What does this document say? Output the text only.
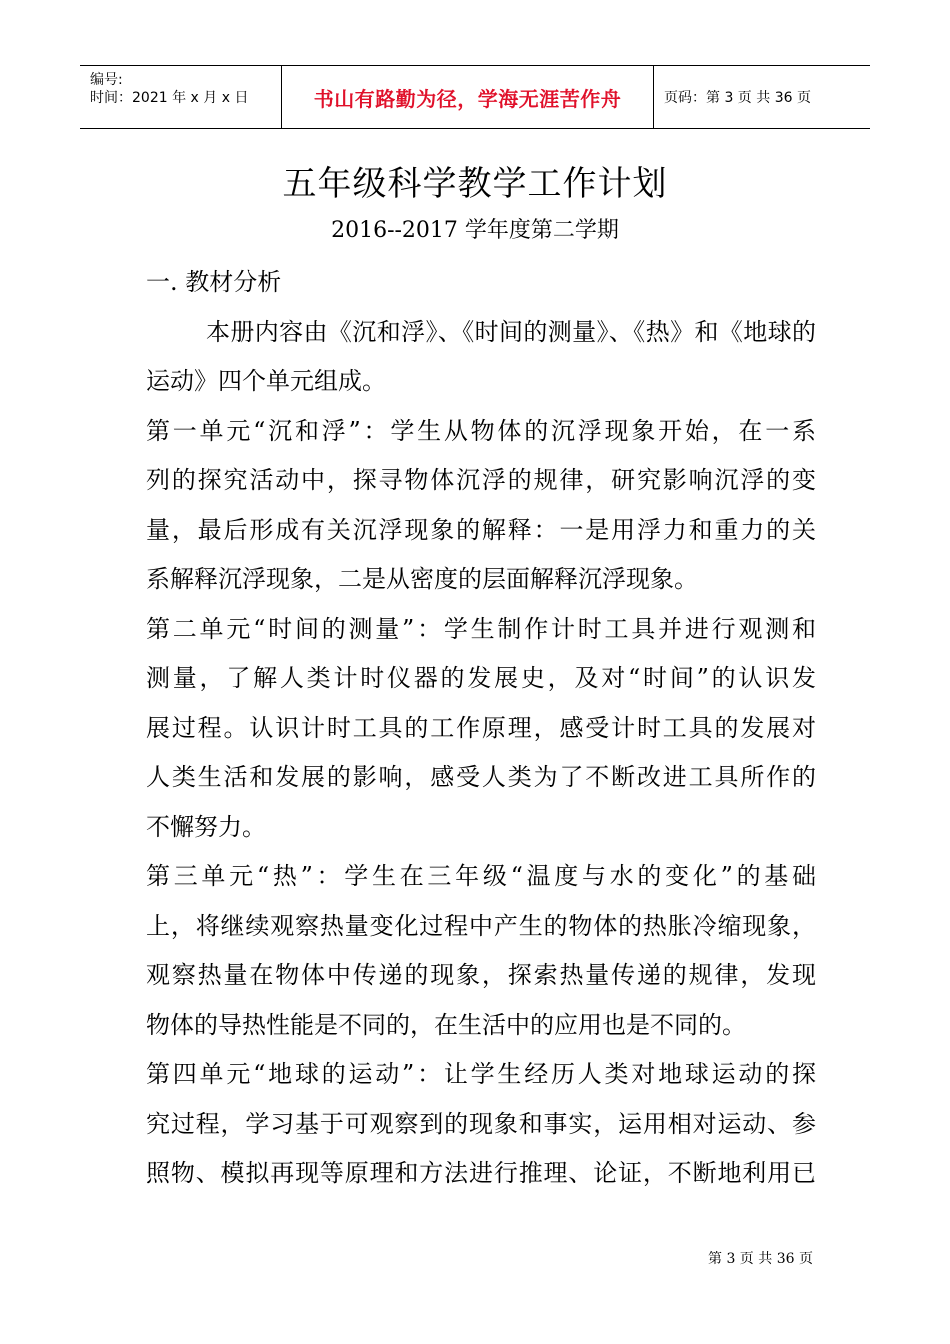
编号:
时间：2021 年 x 月 x 日	书山有路勤为径，学海无涯苦作舟	页码：第 3 页 共 36 页
五年级科学教学工作计划
2016--2017 学年度第二学期
一. 教材分析
本册内容由《沉和浮》、《时间的测量》、《热》和《地球的
运动》四个单元组成。
第一单元“沉和浮”：学生从物体的沉浮现象开始，在一系
列的探究活动中，探寻物体沉浮的规律，研究影响沉浮的变
量，最后形成有关沉浮现象的解释：一是用浮力和重力的关
系解释沉浮现象，二是从密度的层面解释沉浮现象。
第二单元“时间的测量”：学生制作计时工具并进行观测和
测量，了解人类计时仪器的发展史，及对“时间”的认识发
展过程。认识计时工具的工作原理，感受计时工具的发展对
人类生活和发展的影响，感受人类为了不断改进工具所作的
不懈努力。
第三单元“热”：学生在三年级“温度与水的变化”的基础
上，将继续观察热量变化过程中产生的物体的热胀冷缩现象，
观察热量在物体中传递的现象，探索热量传递的规律，发现
物体的导热性能是不同的，在生活中的应用也是不同的。
第四单元“地球的运动”：让学生经历人类对地球运动的探
究过程，学习基于可观察到的现象和事实，运用相对运动、参
照物、模拟再现等原理和方法进行推理、论证，不断地利用已
第 3 页 共 36 页
